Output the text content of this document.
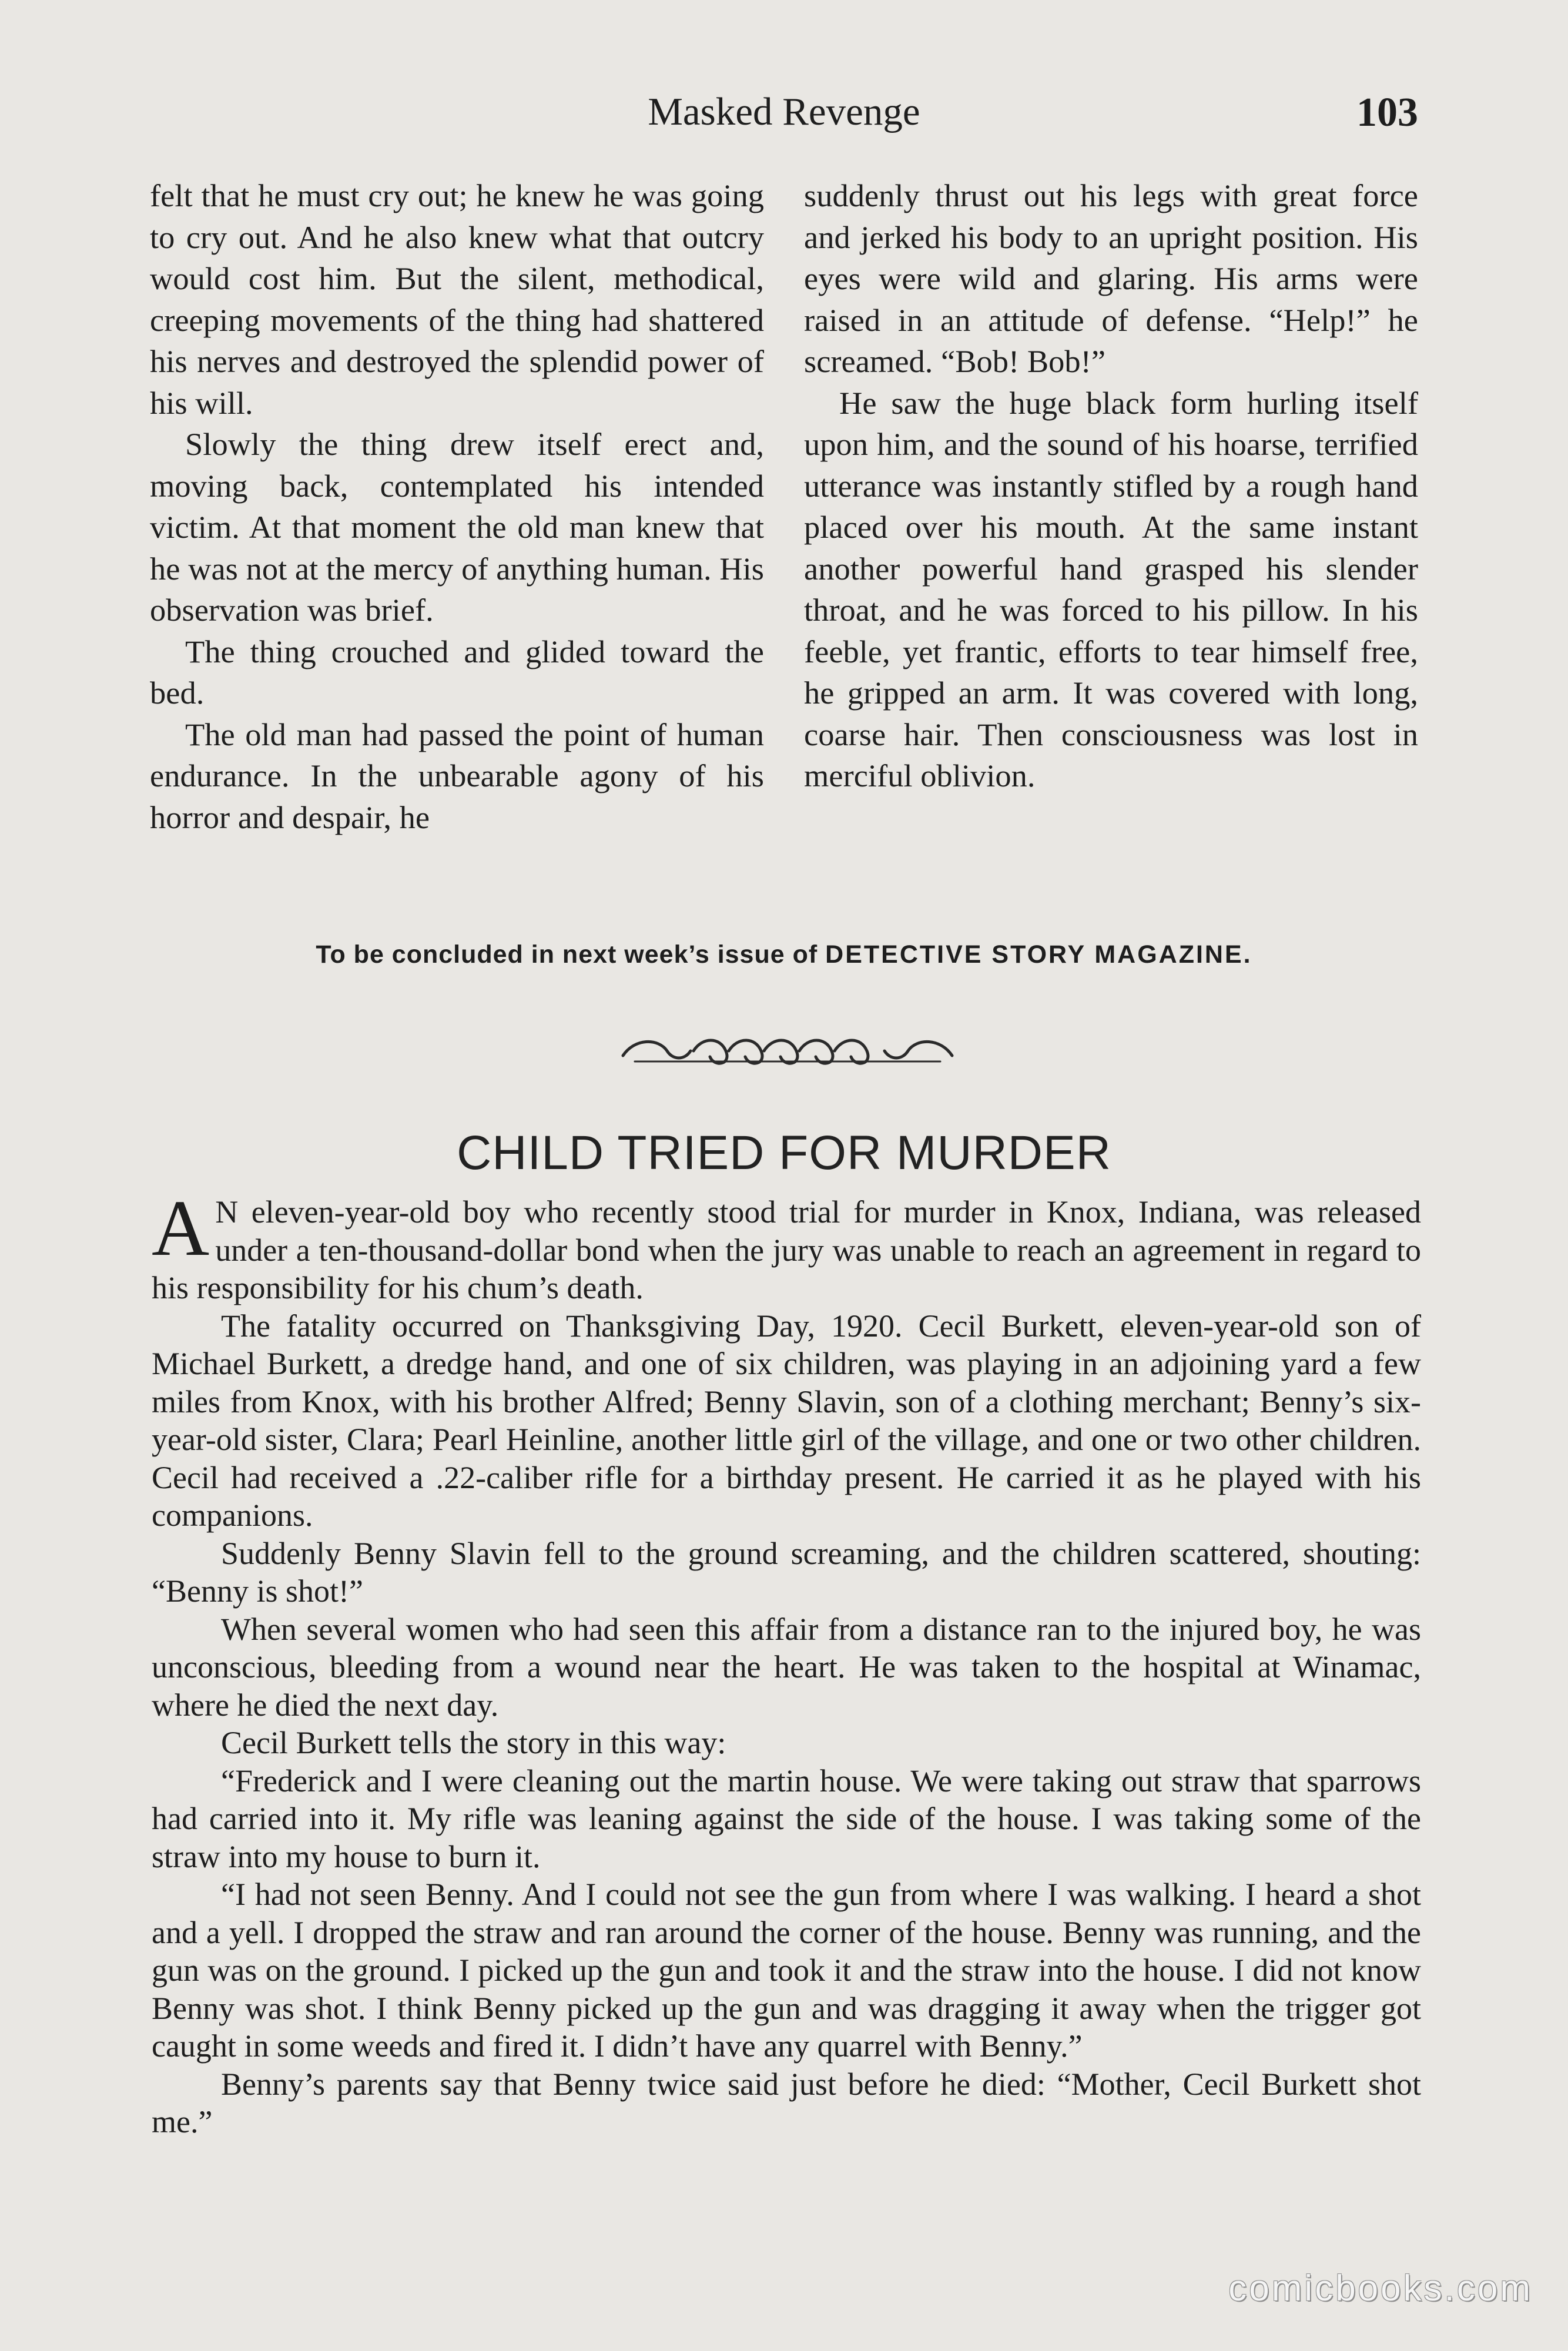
Masked Revenge	103

felt that he must cry out; he knew he was going to cry out. And he also knew what that outcry would cost him. But the silent, methodical, creeping movements of the thing had shattered his nerves and destroyed the splendid power of his will.

Slowly the thing drew itself erect and, moving back, contemplated his intended victim. At that moment the old man knew that he was not at the mercy of anything human. His observation was brief.

The thing crouched and glided toward the bed.

The old man had passed the point of human endurance. In the unbearable agony of his horror and despair, he

suddenly thrust out his legs with great force and jerked his body to an upright position. His eyes were wild and glaring. His arms were raised in an attitude of defense. “Help!” he screamed. “Bob! Bob!”

He saw the huge black form hurling itself upon him, and the sound of his hoarse, terrified utterance was instantly stifled by a rough hand placed over his mouth. At the same instant another powerful hand grasped his slender throat, and he was forced to his pillow. In his feeble, yet frantic, efforts to tear himself free, he gripped an arm. It was covered with long, coarse hair. Then consciousness was lost in merciful oblivion.

To be concluded in next week’s issue of DETECTIVE STORY MAGAZINE.
CHILD TRIED FOR MURDER

A N eleven-year-old boy who recently stood trial for murder in Knox, Indiana, was released under a ten-thousand-dollar bond when the jury was unable to reach an agreement in regard to his responsibility for his chum’s death.

The fatality occurred on Thanksgiving Day, 1920. Cecil Burkett, eleven-year-old son of Michael Burkett, a dredge hand, and one of six children, was playing in an adjoining yard a few miles from Knox, with his brother Alfred; Benny Slavin, son of a clothing merchant; Benny’s six-year-old sister, Clara; Pearl Heinline, another little girl of the village, and one or two other children. Cecil had received a .22-caliber rifle for a birthday present. He carried it as he played with his companions.

Suddenly Benny Slavin fell to the ground screaming, and the children scattered, shouting: “Benny is shot!”

When several women who had seen this affair from a distance ran to the injured boy, he was unconscious, bleeding from a wound near the heart. He was taken to the hospital at Winamac, where he died the next day.

Cecil Burkett tells the story in this way:

“Frederick and I were cleaning out the martin house. We were taking out straw that sparrows had carried into it. My rifle was leaning against the side of the house. I was taking some of the straw into my house to burn it.

“I had not seen Benny. And I could not see the gun from where I was walking. I heard a shot and a yell. I dropped the straw and ran around the corner of the house. Benny was running, and the gun was on the ground. I picked up the gun and took it and the straw into the house. I did not know Benny was shot. I think Benny picked up the gun and was dragging it away when the trigger got caught in some weeds and fired it. I didn’t have any quarrel with Benny.”

Benny’s parents say that Benny twice said just before he died: “Mother, Cecil Burkett shot me.”

comicbooks.com
